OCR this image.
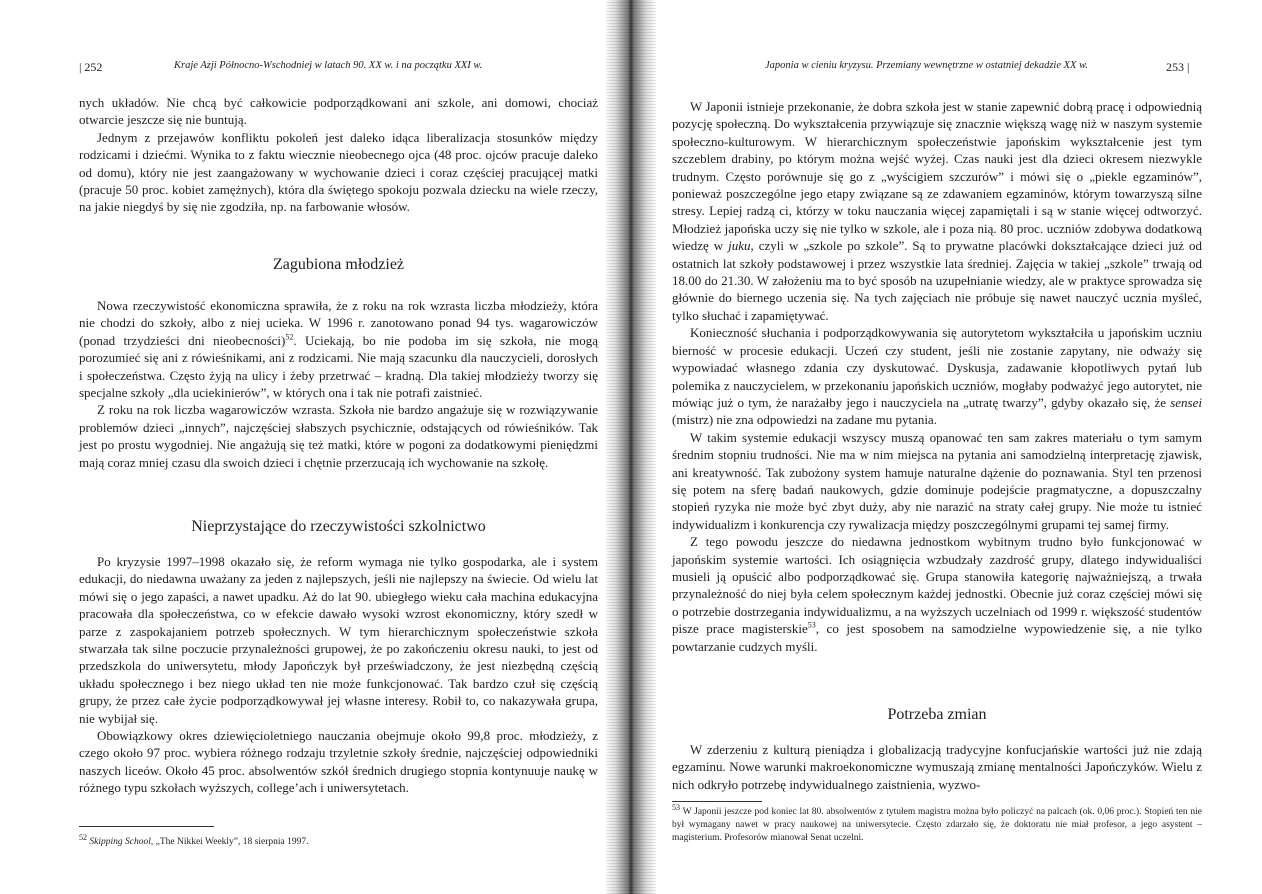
| 252	Kraje Azji Północno-Wschodniej w latach 90. XX w. i na początku XXI w.

nych układów. Nie chcą być całkowicie podporządkowani ani szkole, ani domowi, chociaż otwarcie jeszcze się nie buntują.

Jednym z przejawów konfliktu pokoleń jest daleko idąca liberalizacja stosunków między rodzicami i dziećmi. Wynika to z faktu wiecznie nieobecnego ojca (48 proc. ojców pracuje daleko od domu), który nie jest zaangażowany w wychowanie dzieci i coraz częściej pracującej matki (pracuje 50 proc. kobiet zamężnych), która dla świętego spokoju pozwala dziecku na wiele rzeczy, na jakie niegdyś by się nie zgodziła, np. na farbowanie włosów.

Zagubiona młodzież

Nowa rzeczywistość ekonomiczna sprawiła, że z roku na rok wzrasta liczba młodzieży, która nie chodzi do szkoły, albo z niej ucieka. W 1996 r. zanotowano ponad 94 tys. wagarowiczów (ponad trzydzieści dni nieobecności)$^{52}$. Uciekają, bo nie podoba im się szkoła, nie mogą porozumieć się ani z rówieśnikami, ani z rodzicami. Nie mają szacunku dla nauczycieli, dorosłych i społeczeństwa. Często żyją na ulicy i żeby przetrwać – kradną. Dla takiej młodzieży tworzy się specjalne szkoły „dla uciekinierów”, w których ona i tak nie potrafi zaistnieć.

Z roku na rok liczba wagarowiczów wzrasta. Szkoła nie bardzo angażuje się w rozwiązywanie problemów dzieci „innych”, najczęściej słabszych psychicznie, odstających od rówieśników. Tak jest po prostu wygodniej. Nie angażują się też matki, które w pogoni za dodatkowymi pieniędzmi mają coraz mniej czasu dla swoich dzieci i chętnie przerzucają ich wychowanie na szkołę.

Nieprzystające do rzeczywistości szkolnictwo

Po kryzysie 1997–1998 okazało się, że reform wymaga nie tylko gospodarka, ale i system edukacji, do niedawna uważany za jeden z najlepszych, jeśli nie najlepszy na świecie. Od wielu lat mówi się o jego zapaści, a nawet upadku. Aż do lat 90. ubiegłego wieku cała machina edukacyjna pracowała dla społeczeństwa, co w efekcie dawało wysoki wzrost ekonomiczny, który szedł w parze z zaspokajaniem potrzeb społecznych. W tym hierarchicznym społeczeństwie szkoła stwarzała tak silne poczucie przynależności grupowej, że po zakończeniu okresu nauki, to jest od przedszkola do uniwersytetu, młody Japończyk był przeświadczony, że jest niezbędną częścią układu społecznego i bez niego układ ten nie może funkcjonować. Tak bardzo czuł się częścią grupy, że przez całe życie podporządkowywał jej własne interesy. Robił to, co nakazywała grupa, nie wybijał się.

Obowiązkowy okres dziewięcioletniego nauczania obejmuje około 99,8 proc. młodzieży, z czego około 97 proc. wybiera różnego rodzaju trzyletnie szkoły średnie, najczęściej odpowiedniki naszych liceów. Około 45 proc. absolwentów szkół średnich drugiego stopnia kontynuuje naukę w różnego typu szkołach wyższych, college’ach i uniwersytetach.

$^{52}$ Skipping School, „The Nikkei Weekly”, 18 sierpnia 1997.

Japonia w cieniu kryzysu. Przemiany wewnętrzne w ostatniej dekadzie XX w.	253 |

W Japonii istnieje przekonanie, że dobra szkoła jest w stanie zapewnić dobrą pracę i odpowiednią pozycję społeczną. Do wykształcenia przywiązuje się znacznie większą wagę niż w naszym systemie społeczno-kulturowym. W hierarchicznym społeczeństwie japońskim wykształcenie jest tym szczeblem drabiny, po którym można wejść wyżej. Czas nauki jest dla dzieci okresem niezwykle trudnym. Często porównuje się go z „wyścigiem szczurów” i mówi się o „piekle egzaminów”, ponieważ poszczególne jego etapy związane są ze zdawaniem egzaminów, którym towarzyszą silne stresy. Lepiej radzą ci, którzy w toku nauczania więcej zapamiętali i są w stanie więcej odtworzyć. Młodzież japońska uczy się nie tylko w szkole, ale i poza nią. 80 proc. uczniów zdobywa dodatkową wiedzę w juku, czyli w „szkole po szkole”. Są to prywatne placówki dokształcające dzieci już od ostatnich lat szkoły podstawowej i przez wszystkie lata średniej. Zajęcia w takiej „szkole” trwają od 18.00 do 21.30. W założeniu ma to być sposób na uzupełnianie wiedzy, ale w praktyce sprowadza się głównie do biernego uczenia się. Na tych zajęciach nie próbuje się nawet nauczyć ucznia myśleć, tylko słuchać i zapamiętywać.

Konieczność słuchania i podporządkowywania się autorytetom wykształciła u japońskim uczniu bierność w procesie edukacji. Uczeń czy student, jeśli nie zostanie zapytany, nie odważy się wypowiadać własnego zdania czy dyskutować. Dyskusja, zadawanie kłopotliwych pytań lub polemika z nauczycielem, w przekonaniu japońskich uczniów, mogłaby podważyć jego autorytet, nie mówiąc już o tym, że narażałby jego i nauczyciela na „utratę twarzy”, gdyby okazało się, że sensei (mistrz) nie zna odpowiedzi na zadane mu pytania.

W takim systemie edukacji wszyscy muszą opanować ten sam zakres materiału o tym samym średnim stopniu trudności. Nie ma w nim miejsca na pytania ani samodzielną interpretację zjawisk, ani kreatywność. Tak zubożony system hamuje naturalne dążenie do poznawania. Styl ten przenosi się potem na sferę badań naukowych, gdzie dominuje podejście pragmatyczne, a dopuszczalny stopień ryzyka nie może być zbyt duży, aby nie narazić na straty całej grupy. Nie może tu istnieć indywidualizm i konkurencja czy rywalizacja między poszczególnymi grupami tej samej firmy.

Z tego powodu jeszcze do niedawna jednostkom wybitnym trudno było funkcjonować w japońskim systemie wartości. Ich osiągnięcia wzbudzały zazdrość grupy, dlatego indywidualiści musieli ją opuścić albo podporządkować się. Grupa stanowiła kategorię najważniejszą, a trwała przynależność do niej była celem społecznym każdej jednostki. Obecnie już coraz częściej mówi się o potrzebie dostrzegania indywidualizmu, a na wyższych uczelniach od 1999 r. większość studentów pisze prace magisterskie$^{53}$, co jest sposobem na samodzielne wypowiedzenie się, a nie tylko powtarzanie cudzych myśli.

Potrzeba zmian

W zderzeniu z kulturą pieniądza i globalizacją tradycyjne konfucjańskie wartości już nie zdają egzaminu. Nowe warunki makroekonomiczne wymuszają zmianę mentalności Japończyków. Wielu z nich odkryło potrzebę indywidualnego zaistnienia, wyzwo-

$^{53}$ W Japonii jeszcze pod koniec lat 80. absolwentów z tytułem magistra można było policzyć na palcach (ok. 0,06 proc.). Stopień ten nie był wymagany nawet w pracy naukowej na uniwersytecie. Często zdarzało się, że doktoratu nie miał profesor, a jego asystent – magisterium. Profesorów mianował Senat uczelni.
